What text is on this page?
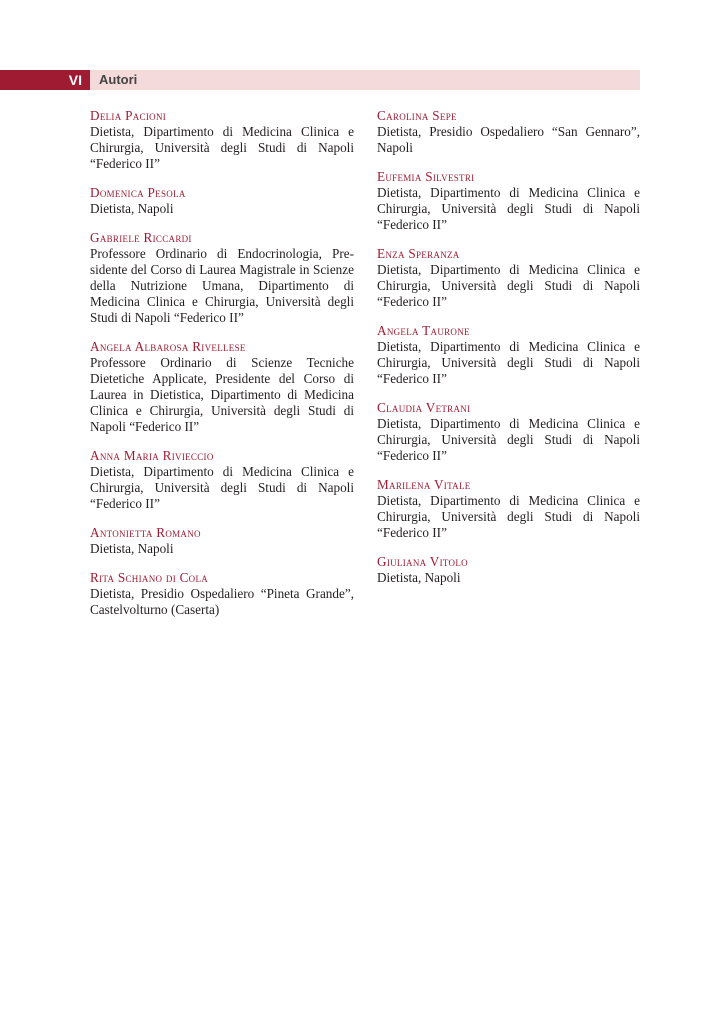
VI	Autori
Delia Pacioni
Dietista, Dipartimento di Medicina Clinica e Chirurgia, Università degli Studi di Napoli “Federico II”
Domenica Pesola
Dietista, Napoli
Gabriele Riccardi
Professore Ordinario di Endocrinologia, Presidente del Corso di Laurea Magistrale in Scienze della Nutrizione Umana, Dipartimento di Medicina Clinica e Chirurgia, Università degli Studi di Napoli “Federico II”
Angela Albarosa Rivellese
Professore Ordinario di Scienze Tecniche Dietetiche Applicate, Presidente del Corso di Laurea in Dietistica, Dipartimento di Medicina Clinica e Chirurgia, Università degli Studi di Napoli “Federico II”
Anna Maria Rivieccio
Dietista, Dipartimento di Medicina Clinica e Chirurgia, Università degli Studi di Napoli “Federico II”
Antonietta Romano
Dietista, Napoli
Rita Schiano di Cola
Dietista, Presidio Ospedaliero “Pineta Grande”, Castelvolturno (Caserta)
Carolina Sepe
Dietista, Presidio Ospedaliero “San Gennaro”, Napoli
Eufemia Silvestri
Dietista, Dipartimento di Medicina Clinica e Chirurgia, Università degli Studi di Napoli “Federico II”
Enza Speranza
Dietista, Dipartimento di Medicina Clinica e Chirurgia, Università degli Studi di Napoli “Federico II”
Angela Taurone
Dietista, Dipartimento di Medicina Clinica e Chirurgia, Università degli Studi di Napoli “Federico II”
Claudia Vetrani
Dietista, Dipartimento di Medicina Clinica e Chirurgia, Università degli Studi di Napoli “Federico II”
Marilena Vitale
Dietista, Dipartimento di Medicina Clinica e Chirurgia, Università degli Studi di Napoli “Federico II”
Giuliana Vitolo
Dietista, Napoli
